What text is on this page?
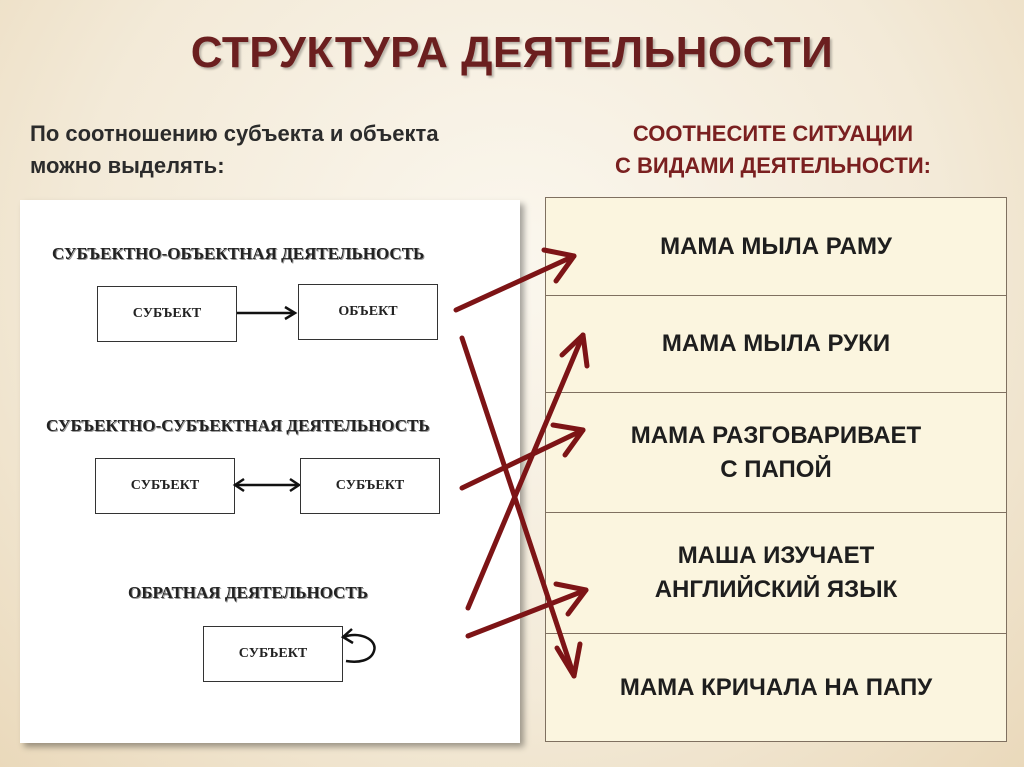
СТРУКТУРА ДЕЯТЕЛЬНОСТИ
По соотношению субъекта и объекта
можно выделять:
СООТНЕСИТЕ СИТУАЦИИ
С ВИДАМИ ДЕЯТЕЛЬНОСТИ:
СУБЪЕКТНО-ОБЪЕКТНАЯ ДЕЯТЕЛЬНОСТЬ
СУБЪЕКТ	ОБЪЕКТ
СУБЪЕКТНО-СУБЪЕКТНАЯ ДЕЯТЕЛЬНОСТЬ
СУБЪЕКТ	СУБЪЕКТ
ОБРАТНАЯ ДЕЯТЕЛЬНОСТЬ
СУБЪЕКТ
МАМА МЫЛА РАМУ
МАМА МЫЛА РУКИ
МАМА РАЗГОВАРИВАЕТ
С ПАПОЙ
МАША ИЗУЧАЕТ
АНГЛИЙСКИЙ ЯЗЫК
МАМА КРИЧАЛА НА ПАПУ
